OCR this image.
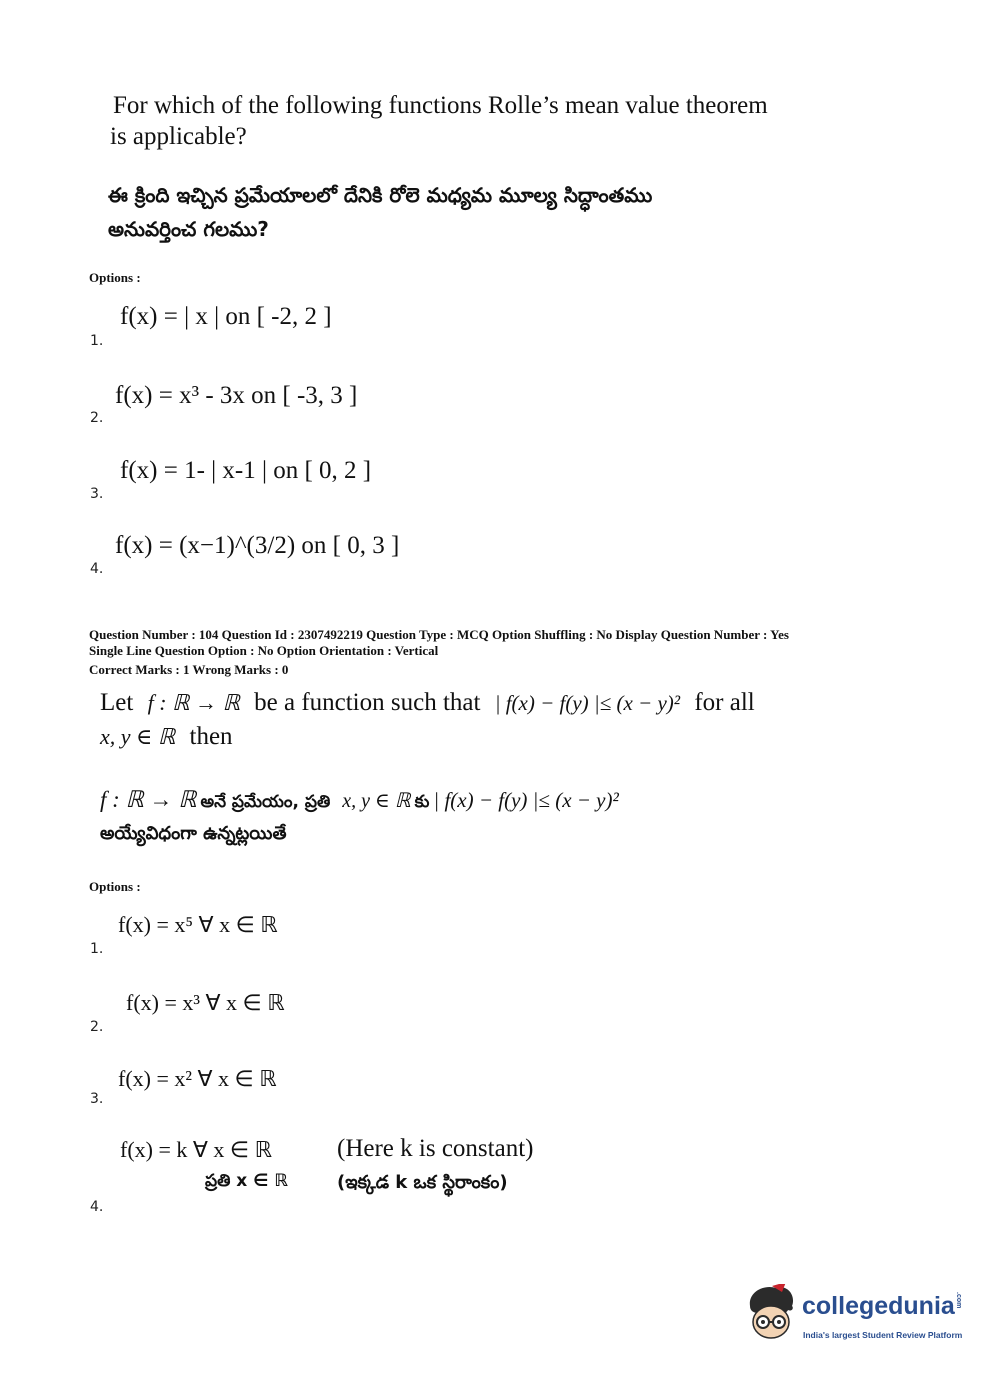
For which of the following functions Rolle’s mean value theorem
is applicable?
ఈ క్రింది ఇచ్చిన ప్రమేయాలలో దేనికి రోలె మధ్యమ మూల్య సిద్ధాంతము
అనువర్తించ గలము?
Options :
1.
f(x) = | x | on [ -2, 2 ]
2.
f(x) = x³ - 3x on [ -3, 3 ]
3.
f(x) = 1- | x-1 | on [ 0, 2 ]
4.
f(x) = (x−1)^(3/2) on [ 0, 3 ]
Question Number : 104 Question Id : 2307492219 Question Type : MCQ Option Shuffling : No Display Question Number : Yes
Single Line Question Option : No Option Orientation : Vertical
Correct Marks : 1 Wrong Marks : 0
Let f : ℝ → ℝ be a function such that | f(x) − f(y) |≤ (x − y)² for all
x, y ∈ ℝ then
f : ℝ → ℝ అనే ప్రమేయం, ప్రతి x, y ∈ ℝ కు | f(x) − f(y) |≤ (x − y)²
అయ్యేవిధంగా ఉన్నట్లయితే
Options :
1.
f(x) = x⁵ ∀ x ∈ ℝ
2.
f(x) = x³ ∀ x ∈ ℝ
3.
f(x) = x² ∀ x ∈ ℝ
4.
f(x) = k ∀ x ∈ ℝ	(Here k is constant)
ప్రతి x ∈ ℝ	(ఇక్కడ k ఒక స్థిరాంకం)
collegedunia.com
India's largest Student Review Platform
